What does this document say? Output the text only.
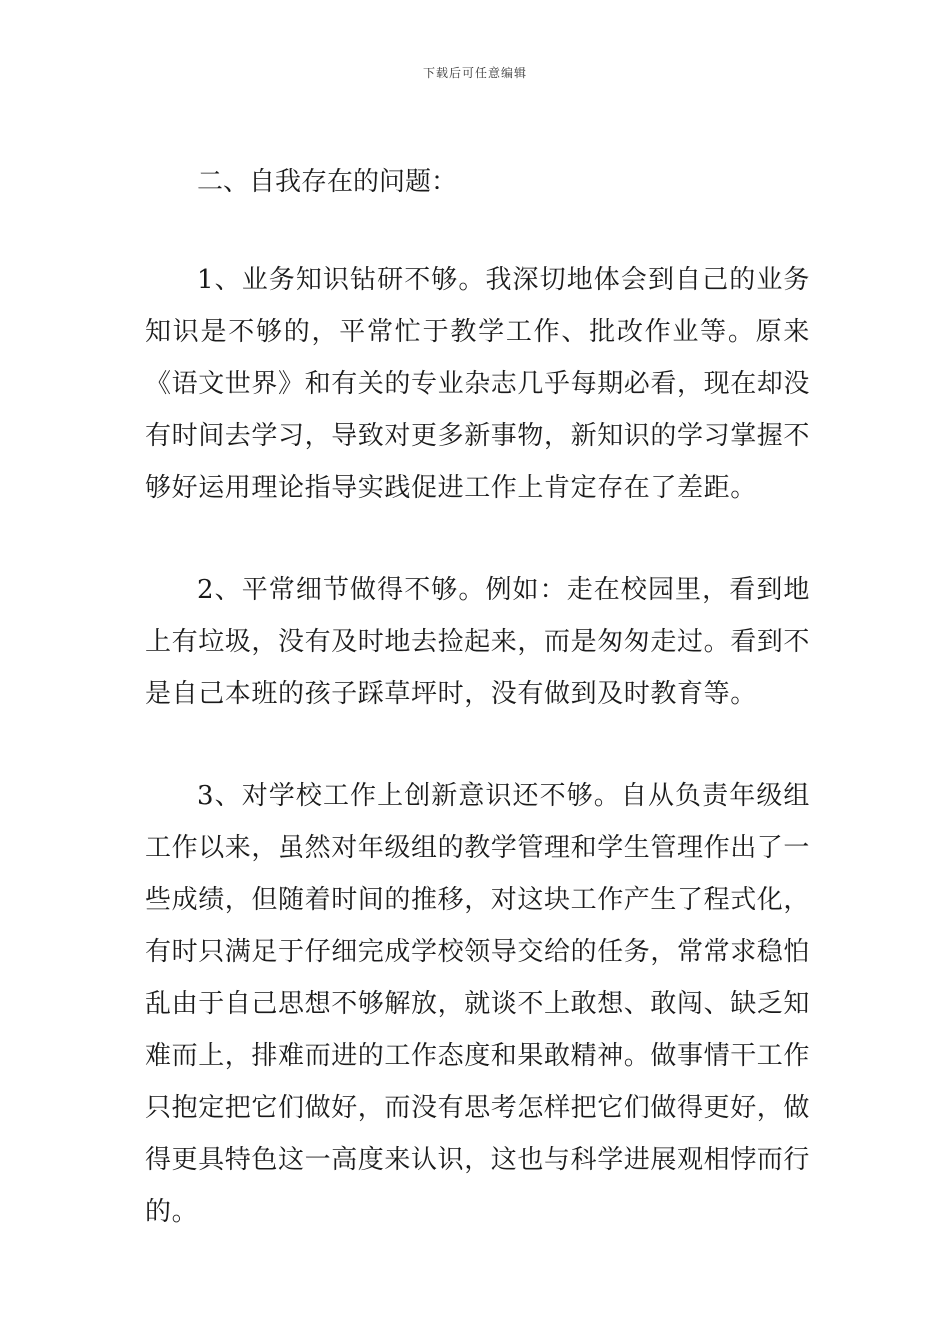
下载后可任意编辑

二、自我存在的问题：

1、业务知识钻研不够。我深切地体会到自己的业务知识是不够的，平常忙于教学工作、批改作业等。原来《语文世界》和有关的专业杂志几乎每期必看，现在却没有时间去学习，导致对更多新事物，新知识的学习掌握不够好运用理论指导实践促进工作上肯定存在了差距。

2、平常细节做得不够。例如：走在校园里，看到地上有垃圾，没有及时地去捡起来，而是匆匆走过。看到不是自己本班的孩子踩草坪时，没有做到及时教育等。

3、对学校工作上创新意识还不够。自从负责年级组工作以来，虽然对年级组的教学管理和学生管理作出了一些成绩，但随着时间的推移，对这块工作产生了程式化，有时只满足于仔细完成学校领导交给的任务，常常求稳怕乱由于自己思想不够解放，就谈不上敢想、敢闯、缺乏知难而上，排难而进的工作态度和果敢精神。做事情干工作只抱定把它们做好，而没有思考怎样把它们做得更好，做得更具特色这一高度来认识，这也与科学进展观相悖而行的。
